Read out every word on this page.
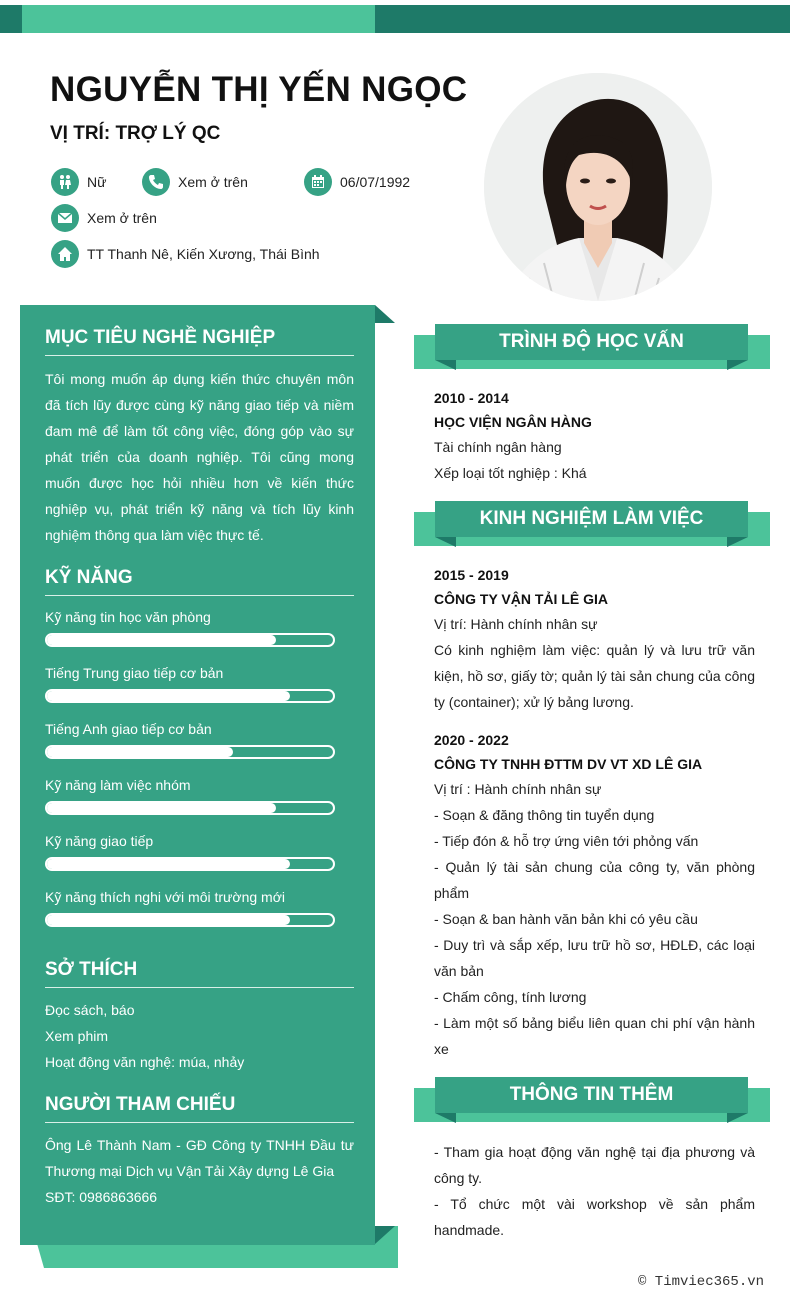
NGUYỄN THỊ YẾN NGỌC
VỊ TRÍ: TRỢ LÝ QC
Nữ	Xem ở trên	06/07/1992
Xem ở trên
TT Thanh Nê, Kiến Xương, Thái Bình
MỤC TIÊU NGHỀ NGHIỆP
Tôi mong muốn áp dụng kiến thức chuyên môn đã tích lũy được cùng kỹ năng giao tiếp và niềm đam mê để làm tốt công việc, đóng góp vào sự phát triển của doanh nghiệp. Tôi cũng mong muốn được học hỏi nhiều hơn về kiến thức nghiệp vụ, phát triển kỹ năng và tích lũy kinh nghiệm thông qua làm việc thực tế.
KỸ NĂNG
Kỹ năng tin học văn phòng
Tiếng Trung giao tiếp cơ bản
Tiếng Anh giao tiếp cơ bản
Kỹ năng làm việc nhóm
Kỹ năng giao tiếp
Kỹ năng thích nghi với môi trường mới
SỞ THÍCH
Đọc sách, báo
Xem phim
Hoạt động văn nghệ: múa, nhảy
NGƯỜI THAM CHIẾU
Ông Lê Thành Nam - GĐ Công ty TNHH Đầu tư Thương mại Dịch vụ Vận Tải Xây dựng Lê Gia
SĐT: 0986863666
TRÌNH ĐỘ HỌC VẤN
2010 - 2014
HỌC VIỆN NGÂN HÀNG
Tài chính ngân hàng
Xếp loại tốt nghiệp : Khá
KINH NGHIỆM LÀM VIỆC
2015 - 2019
CÔNG TY VẬN TẢI LÊ GIA
Vị trí: Hành chính nhân sự
Có kinh nghiệm làm việc: quản lý và lưu trữ văn kiện, hồ sơ, giấy tờ; quản lý tài sản chung của công ty (container); xử lý bảng lương.
2020 - 2022
CÔNG TY TNHH ĐTTM DV VT XD LÊ GIA
Vị trí : Hành chính nhân sự
- Soạn & đăng thông tin tuyển dụng
- Tiếp đón & hỗ trợ ứng viên tới phỏng vấn
- Quản lý tài sản chung của công ty, văn phòng phẩm
- Soạn & ban hành văn bản khi có yêu cầu
- Duy trì và sắp xếp, lưu trữ hồ sơ, HĐLĐ, các loại văn bản
- Chấm công, tính lương
- Làm một số bảng biểu liên quan chi phí vận hành xe
THÔNG TIN THÊM
- Tham gia hoạt động văn nghệ tại địa phương và công ty.
- Tổ chức một vài workshop về sản phẩm handmade.
© Timviec365.vn
